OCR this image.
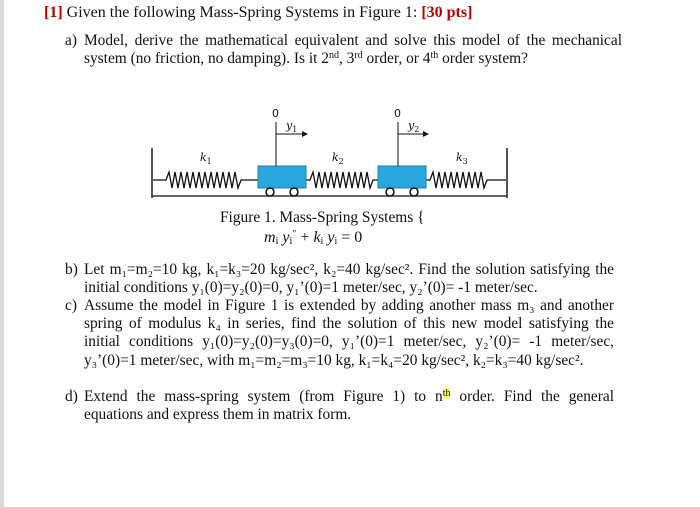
[1] Given the following Mass-Spring Systems in Figure 1: [30 pts]
a) Model, derive the mathematical equivalent and solve this model of the mechanical system (no friction, no damping). Is it 2nd, 3rd order, or 4th order system?
0	0
$y_1$	$y_2$
$k_1$	$k_2$	$k_3$
Figure 1. Mass-Spring Systems {
$m_i$ $y_i'' + k_i$ $y_i = 0$
b) Let m₁=m₂=10 kg, k₁=k₃=20 kg/sec², k₂=40 kg/sec². Find the solution satisfying the initial conditions y₁(0)=y₂(0)=0, y₁’(0)=1 meter/sec, y₂’(0)= -1 meter/sec.
c) Assume the model in Figure 1 is extended by adding another mass m₃ and another spring of modulus k₄ in series, find the solution of this new model satisfying the initial conditions y₁(0)=y₂(0)=y₃(0)=0, y₁’(0)=1 meter/sec, y₂’(0)= -1 meter/sec, y₃’(0)=1 meter/sec, with m₁=m₂=m₃=10 kg, k₁=k₄=20 kg/sec², k₂=k₃=40 kg/sec².
d) Extend the mass-spring system (from Figure 1) to $n^{th}$ order. Find the general equations and express them in matrix form.
